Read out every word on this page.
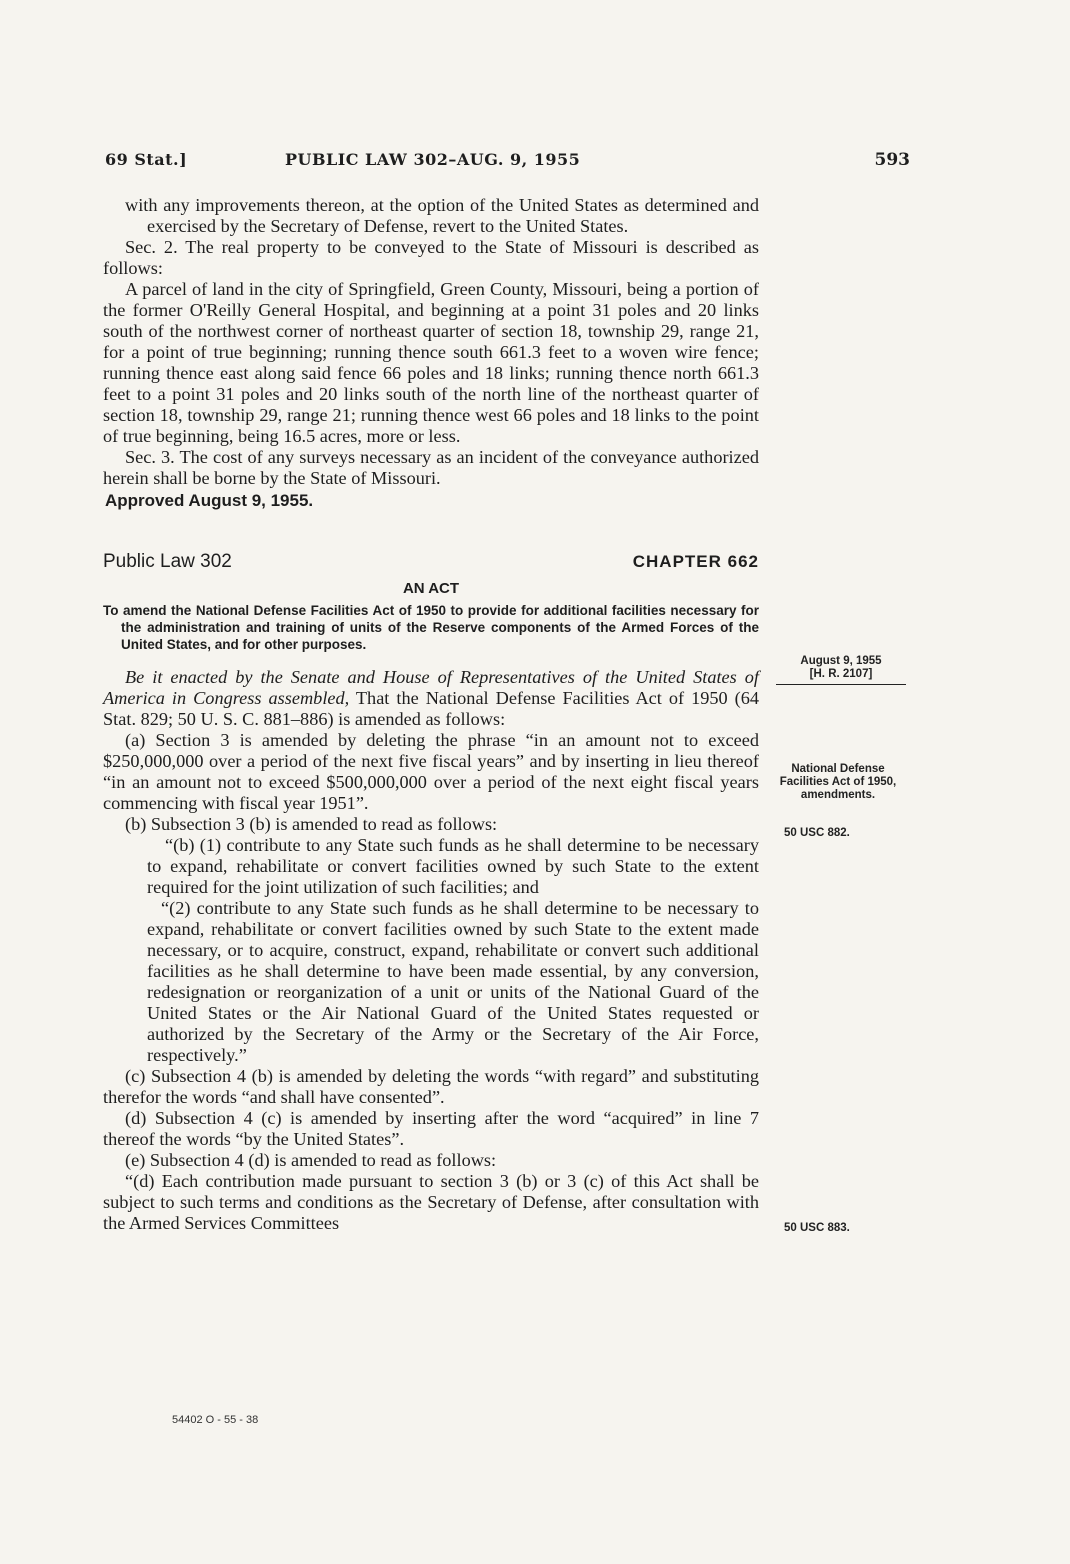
69 Stat.]	PUBLIC LAW 302–AUG. 9, 1955	593

with any improvements thereon, at the option of the United States as determined and exercised by the Secretary of Defense, revert to the United States.

Sec. 2. The real property to be conveyed to the State of Missouri is described as follows:

A parcel of land in the city of Springfield, Green County, Missouri, being a portion of the former O'Reilly General Hospital, and beginning at a point 31 poles and 20 links south of the northwest corner of northeast quarter of section 18, township 29, range 21, for a point of true beginning; running thence south 661.3 feet to a woven wire fence; running thence east along said fence 66 poles and 18 links; running thence north 661.3 feet to a point 31 poles and 20 links south of the north line of the northeast quarter of section 18, township 29, range 21; running thence west 66 poles and 18 links to the point of true beginning, being 16.5 acres, more or less.

Sec. 3. The cost of any surveys necessary as an incident of the conveyance authorized herein shall be borne by the State of Missouri.

Approved August 9, 1955.

Public Law 302	CHAPTER 662

AN ACT

To amend the National Defense Facilities Act of 1950 to provide for additional facilities necessary for the administration and training of units of the Reserve components of the Armed Forces of the United States, and for other purposes.

Be it enacted by the Senate and House of Representatives of the United States of America in Congress assembled, That the National Defense Facilities Act of 1950 (64 Stat. 829; 50 U. S. C. 881–886) is amended as follows:

(a) Section 3 is amended by deleting the phrase “in an amount not to exceed $250,000,000 over a period of the next five fiscal years” and by inserting in lieu thereof “in an amount not to exceed $500,000,000 over a period of the next eight fiscal years commencing with fiscal year 1951”.

(b) Subsection 3 (b) is amended to read as follows:

“(b) (1) contribute to any State such funds as he shall determine to be necessary to expand, rehabilitate or convert facilities owned by such State to the extent required for the joint utilization of such facilities; and

“(2) contribute to any State such funds as he shall determine to be necessary to expand, rehabilitate or convert facilities owned by such State to the extent made necessary, or to acquire, construct, expand, rehabilitate or convert such additional facilities as he shall determine to have been made essential, by any conversion, redesignation or reorganization of a unit or units of the National Guard of the United States or the Air National Guard of the United States requested or authorized by the Secretary of the Army or the Secretary of the Air Force, respectively.”

(c) Subsection 4 (b) is amended by deleting the words “with regard” and substituting therefor the words “and shall have consented”.

(d) Subsection 4 (c) is amended by inserting after the word “acquired” in line 7 thereof the words “by the United States”.

(e) Subsection 4 (d) is amended to read as follows:

“(d) Each contribution made pursuant to section 3 (b) or 3 (c) of this Act shall be subject to such terms and conditions as the Secretary of Defense, after consultation with the Armed Services Committees

August 9, 1955
[H. R. 2107]
National Defense Facilities Act of 1950, amendments.
50 USC 882.
50 USC 883.
54402 O - 55 - 38
